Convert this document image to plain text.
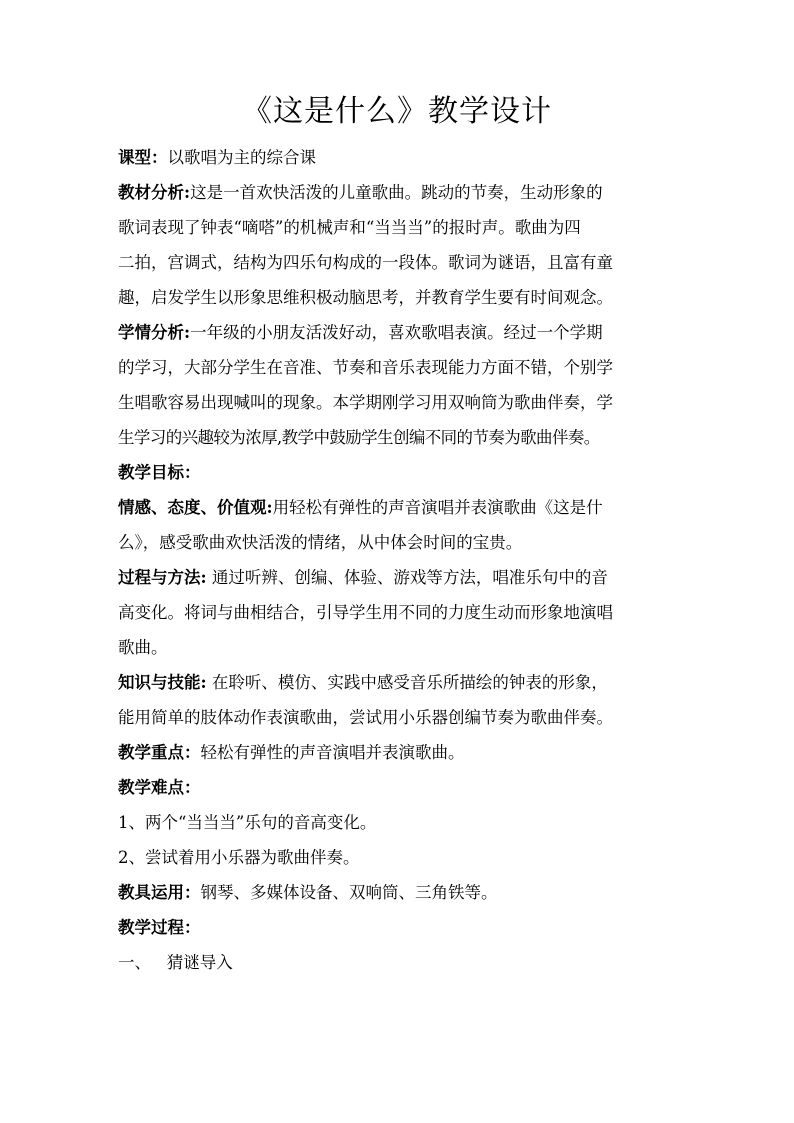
《这是什么》教学设计
课型：以歌唱为主的综合课
教材分析:这是一首欢快活泼的儿童歌曲。跳动的节奏，生动形象的
歌词表现了钟表“嘀嗒”的机械声和“当当当”的报时声。歌曲为四
二拍，宫调式，结构为四乐句构成的一段体。歌词为谜语，且富有童
趣，启发学生以形象思维积极动脑思考，并教育学生要有时间观念。
学情分析:一年级的小朋友活泼好动，喜欢歌唱表演。经过一个学期
的学习，大部分学生在音准、节奏和音乐表现能力方面不错，个别学
生唱歌容易出现喊叫的现象。本学期刚学习用双响筒为歌曲伴奏，学
生学习的兴趣较为浓厚,教学中鼓励学生创编不同的节奏为歌曲伴奏。
教学目标：
情感、态度、价值观:用轻松有弹性的声音演唱并表演歌曲《这是什
么》，感受歌曲欢快活泼的情绪，从中体会时间的宝贵。
过程与方法: 通过听辨、创编、体验、游戏等方法，唱准乐句中的音
高变化。将词与曲相结合，引导学生用不同的力度生动而形象地演唱
歌曲。
知识与技能: 在聆听、模仿、实践中感受音乐所描绘的钟表的形象，
能用简单的肢体动作表演歌曲，尝试用小乐器创编节奏为歌曲伴奏。
教学重点：轻松有弹性的声音演唱并表演歌曲。
教学难点：
1、两个“当当当”乐句的音高变化。
2、尝试着用小乐器为歌曲伴奏。
教具运用：钢琴、多媒体设备、双响筒、三角铁等。
教学过程：
一、   猜谜导入
